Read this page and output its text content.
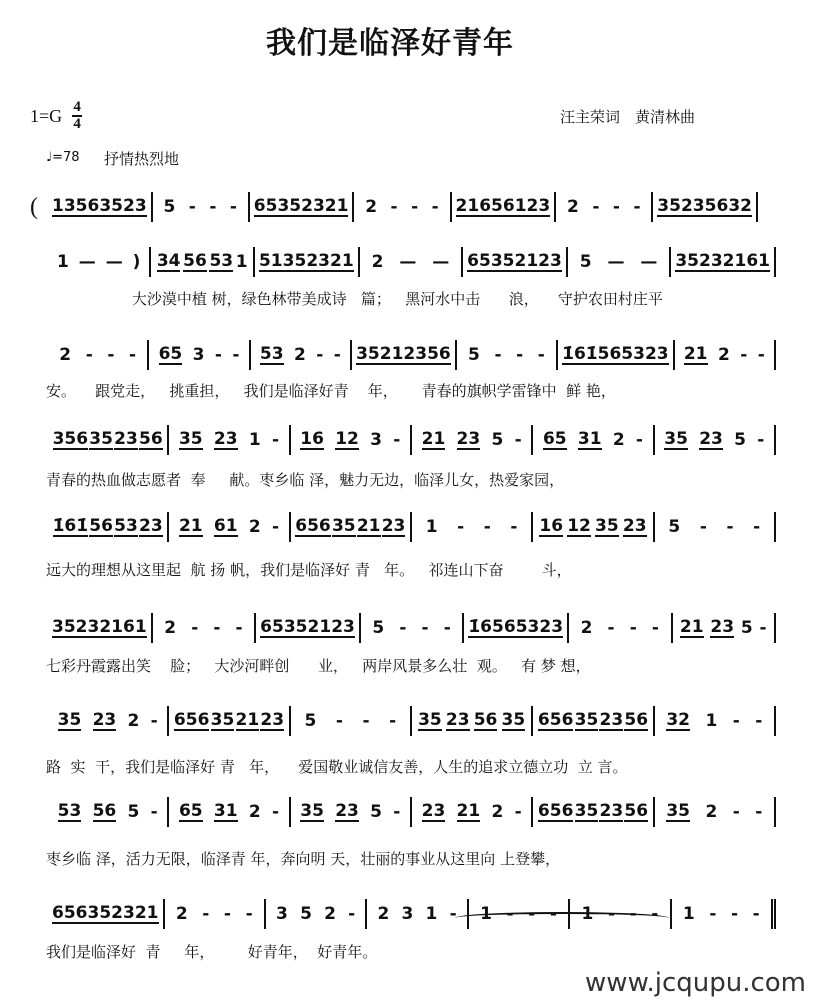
我们是临泽好青年
$1=G \frac{4}{4}$	汪主荣词　黄清林曲
♩=78 抒情热烈地
( 13 56 35 23 5 - - - 65 35 23 21 2 - - - 21 65 61 23 2 - - - 35 23 56 32
1 — — ) 34 56 53 1 51 35 23 21 2 — — 65 35 21 23 5 — — 35 23 21 61
2 - - - 65 3 - - 53 2 - - 35 21 23 56 5 - - - 1̇61̇ 56 53 23 21 2 - -
356 35 23 56 35 23 1 - 16 12 3 - 21 23 5 - 65 31 2 - 35 23 5 -
1̇61̇ 56 53 23 21 61 2 - 656 35 21 23 1 - - - 16 12 35 23 5 - - -
35 23 21 61 2 - - - 65 35 21 23 5 - - - 1̇6 56 53 23 2 - - - 21 23 5 -
35 23 2 - 656 35 21 23 5 - - - 35 23 56 35 656 35 23 56 32 1 - -
53 56 5 - 65 31 2 - 35 23 5 - 23 21 2 - 656 35 23 56 35 2 - -
656 35 23 21 2 - - - 3 5 2 - 2 3 1 - 1 - - - 1 - - - 1 - - -
大沙漠中植 树，绿色林带美成诗   篇；   黑河水中击      浪，    守护农田村庄平
安。    跟党走，   挑重担，   我们是临泽好青    年，     青春的旗帜学雷锋中  鲜 艳，
青春的热血做志愿者  奉     献。枣乡临 泽，魅力无边，临泽儿女，热爱家园，
远大的理想从这里起  航 扬 帆，我们是临泽好 青   年。   祁连山下奋        斗，
七彩丹霞露出笑    脸；   大沙河畔创      业，   两岸风景多么壮  观。   有 梦 想，
路  实  干，我们是临泽好 青   年，    爱国敬业诚信友善，人生的追求立德立功  立 言。
枣乡临 泽，活力无限，临泽青 年，奔向明 天，壮丽的事业从这里向 上登攀，
我们是临泽好  青     年，       好青年，  好青年。
www.jcqupu.com
